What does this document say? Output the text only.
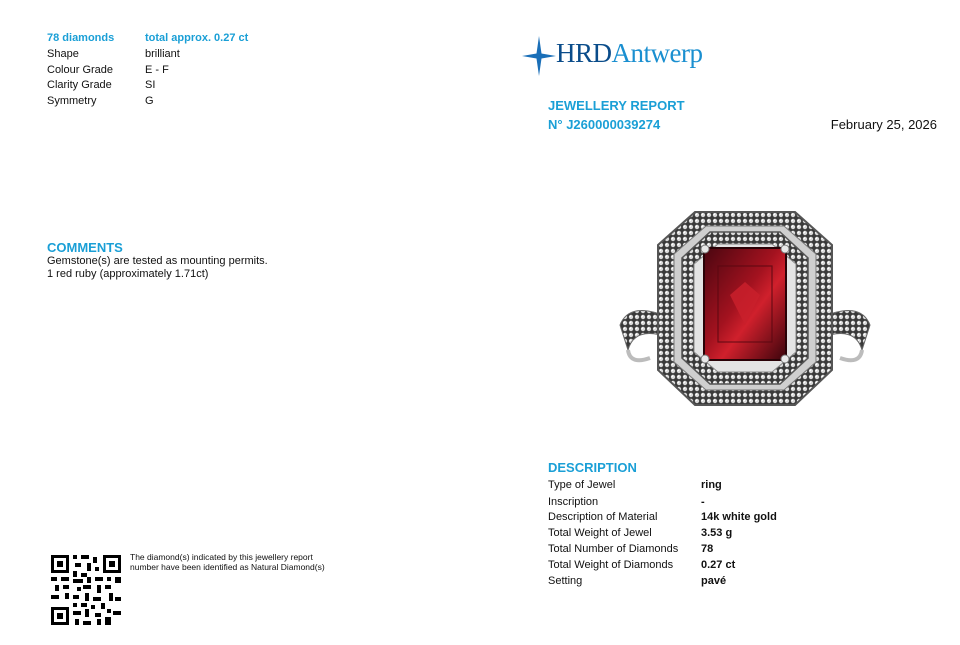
78 diamonds	total approx. 0.27 ct
Shape	brilliant
Colour Grade	E - F
Clarity Grade	SI
Symmetry	G
COMMENTS

Gemstone(s) are tested as mounting permits.

1 red ruby (approximately 1.71ct)

The diamond(s) indicated by this jewellery report number have been identified as Natural Diamond(s)
HRDAntwerp
JEWELLERY REPORT
N° J260000039274	February 25, 2026
DESCRIPTION
Type of Jewel	ring
Inscription	-
Description of Material	14k white gold
Total Weight of Jewel	3.53 g
Total Number of Diamonds 78
Total Weight of Diamonds	0.27 ct
Setting	pavé
